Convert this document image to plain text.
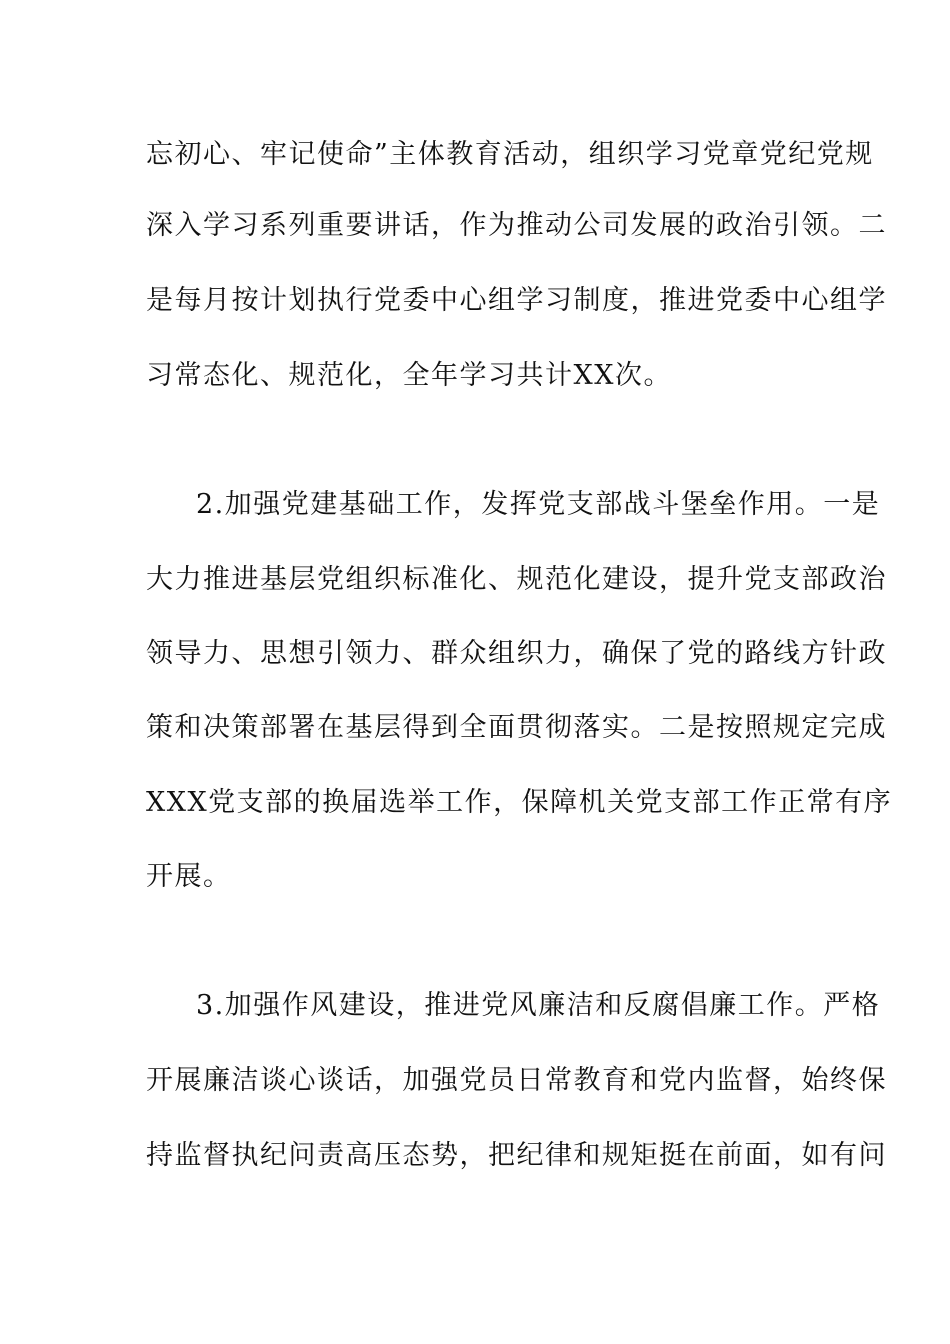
忘初心、牢记使命”主体教育活动，组织学习党章党纪党规
深入学习系列重要讲话，作为推动公司发展的政治引领。二
是每月按计划执行党委中心组学习制度，推进党委中心组学
习常态化、规范化，全年学习共计XX次。
2.加强党建基础工作，发挥党支部战斗堡垒作用。一是
大力推进基层党组织标准化、规范化建设，提升党支部政治
领导力、思想引领力、群众组织力，确保了党的路线方针政
策和决策部署在基层得到全面贯彻落实。二是按照规定完成
XXX党支部的换届选举工作，保障机关党支部工作正常有序
开展。
3.加强作风建设，推进党风廉洁和反腐倡廉工作。严格
开展廉洁谈心谈话，加强党员日常教育和党内监督，始终保
持监督执纪问责高压态势，把纪律和规矩挺在前面，如有问
